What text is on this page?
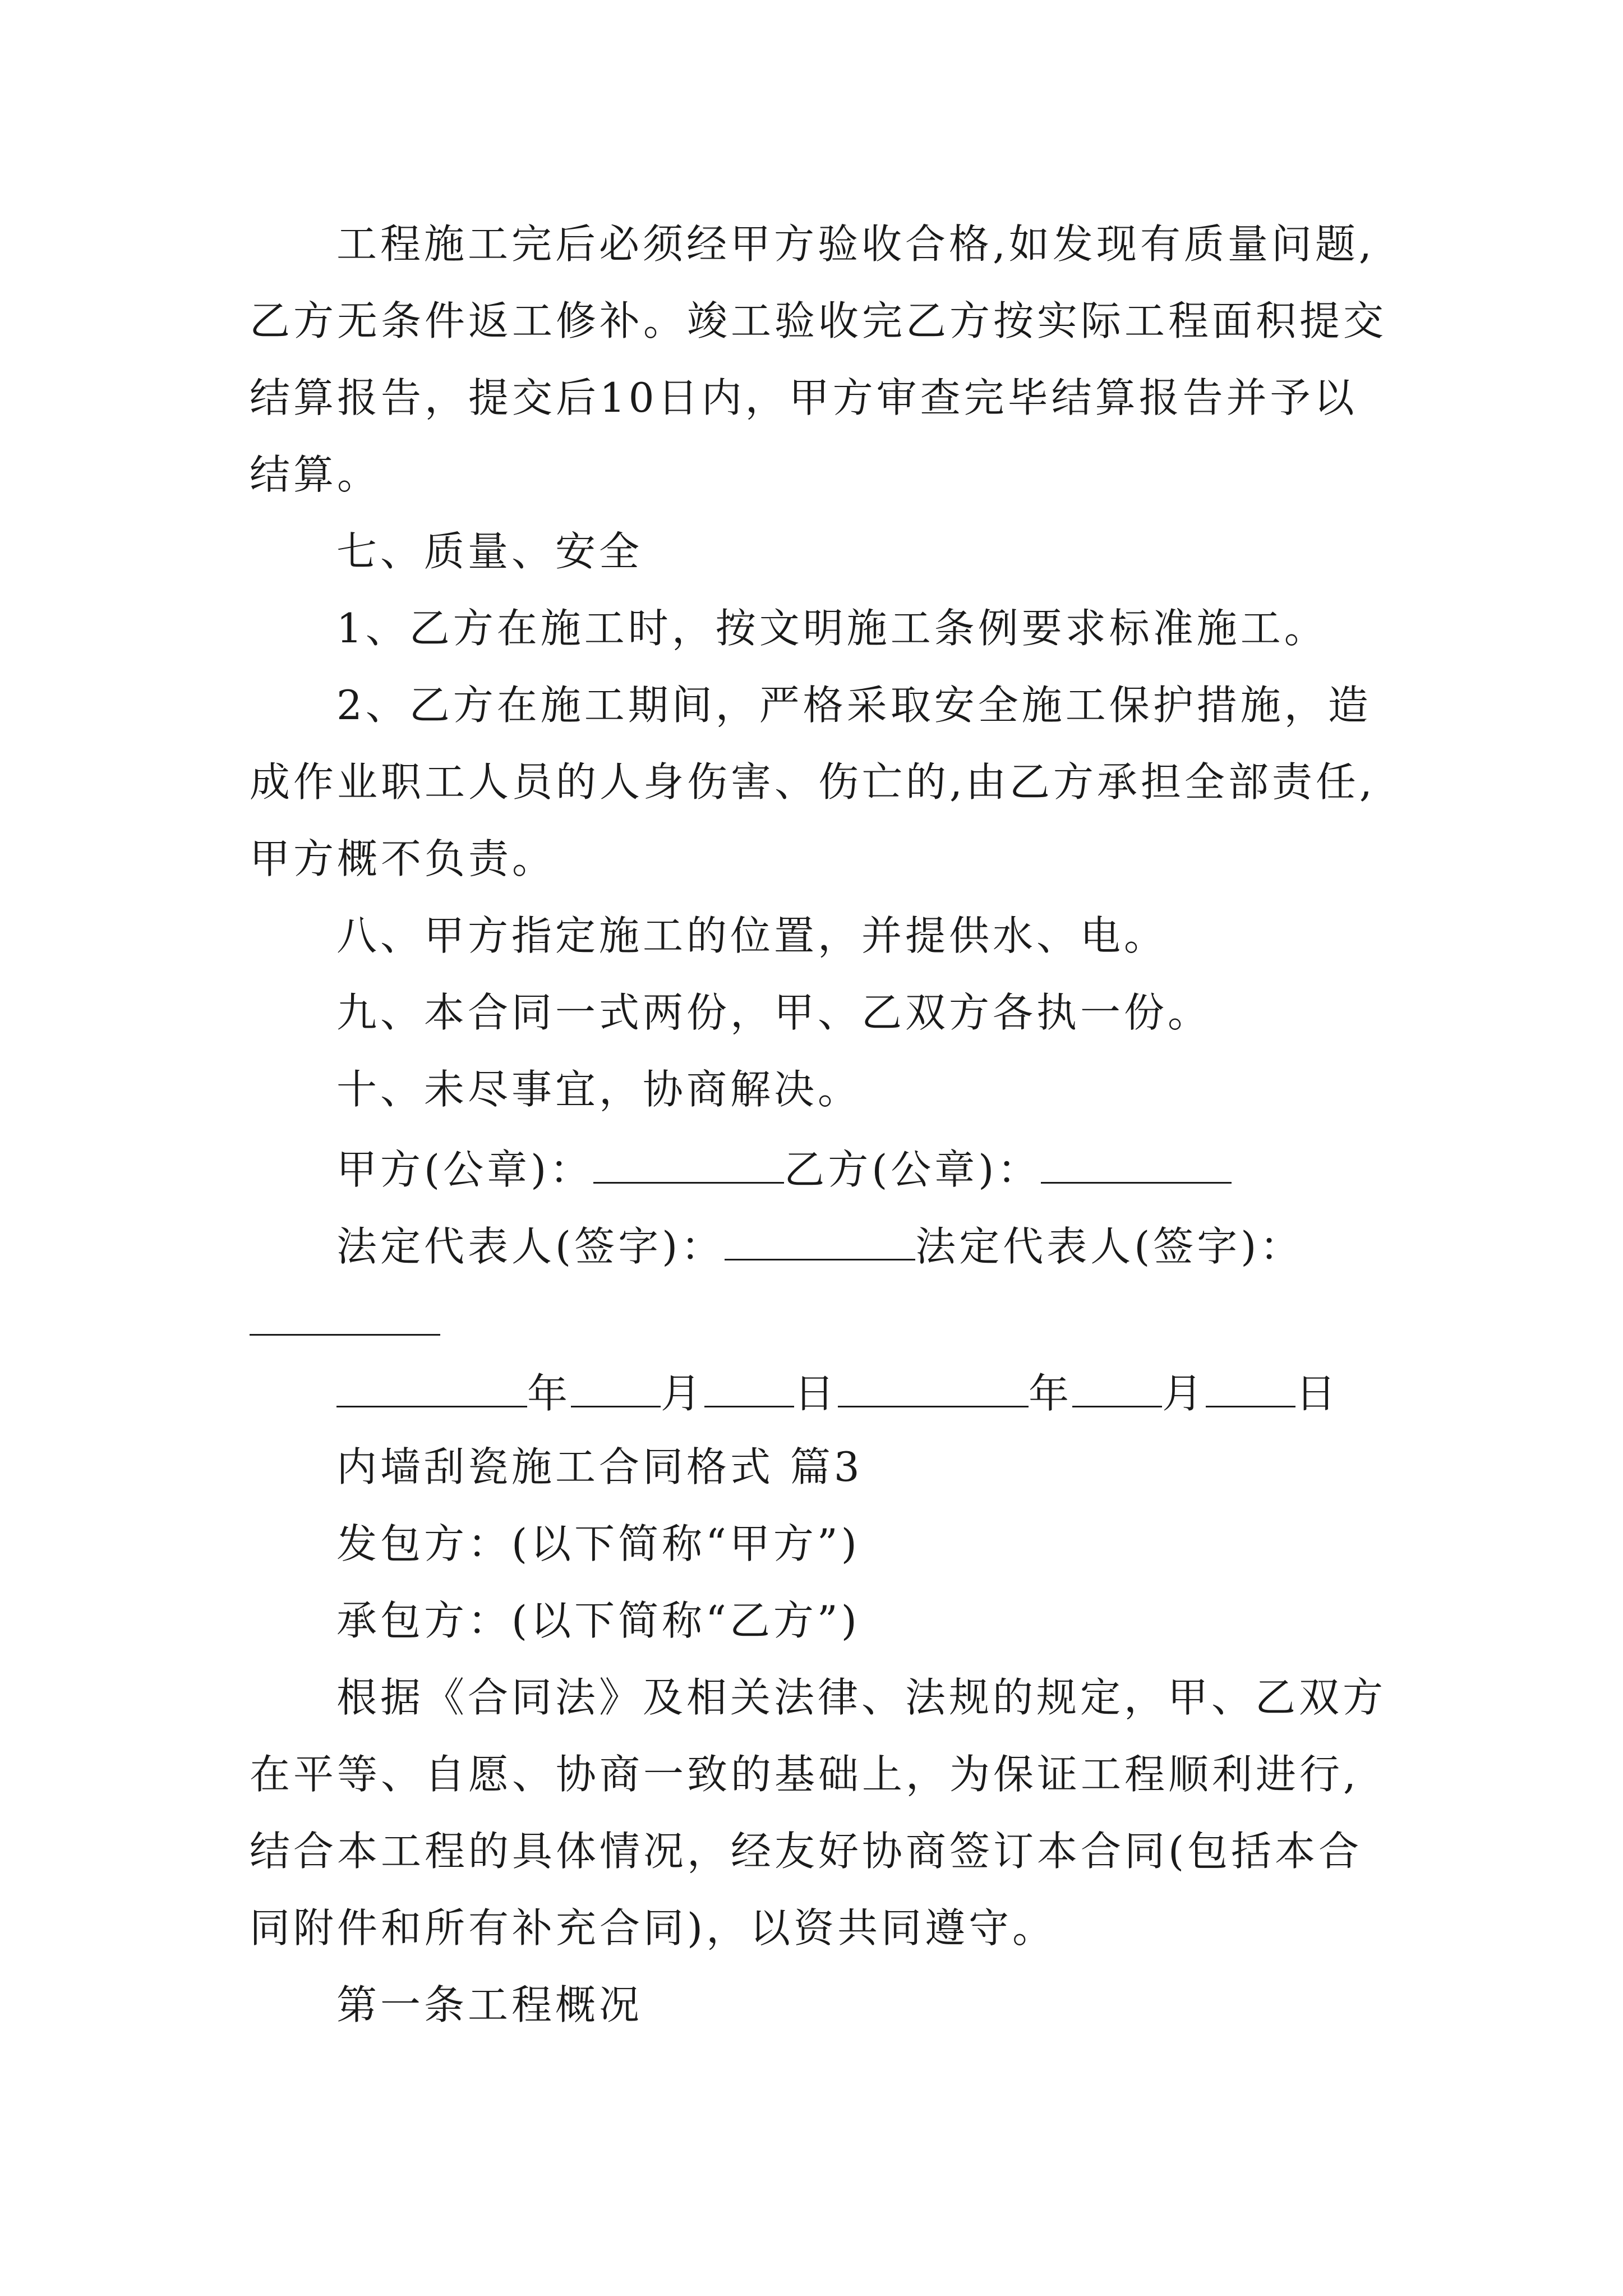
工程施工完后必须经甲方验收合格,如发现有质量问题,
乙方无条件返工修补。竣工验收完乙方按实际工程面积提交
结算报告，提交后10日内，甲方审查完毕结算报告并予以
结算。
七、质量、安全
1、乙方在施工时，按文明施工条例要求标准施工。
2、乙方在施工期间，严格采取安全施工保护措施，造
成作业职工人员的人身伤害、伤亡的,由乙方承担全部责任,
甲方概不负责。
八、甲方指定施工的位置，并提供水、电。
九、本合同一式两份，甲、乙双方各执一份。
十、未尽事宜，协商解决。
甲方(公章)：	乙方(公章)：
法定代表人(签字)：	法定代表人(签字)：
年 月 日	年 月 日
内墙刮瓷施工合同格式 篇3
发包方：(以下简称“甲方”)
承包方：(以下简称“乙方”)
根据《合同法》及相关法律、法规的规定，甲、乙双方
在平等、自愿、协商一致的基础上，为保证工程顺利进行,
结合本工程的具体情况，经友好协商签订本合同(包括本合
同附件和所有补充合同)，以资共同遵守。
第一条工程概况
